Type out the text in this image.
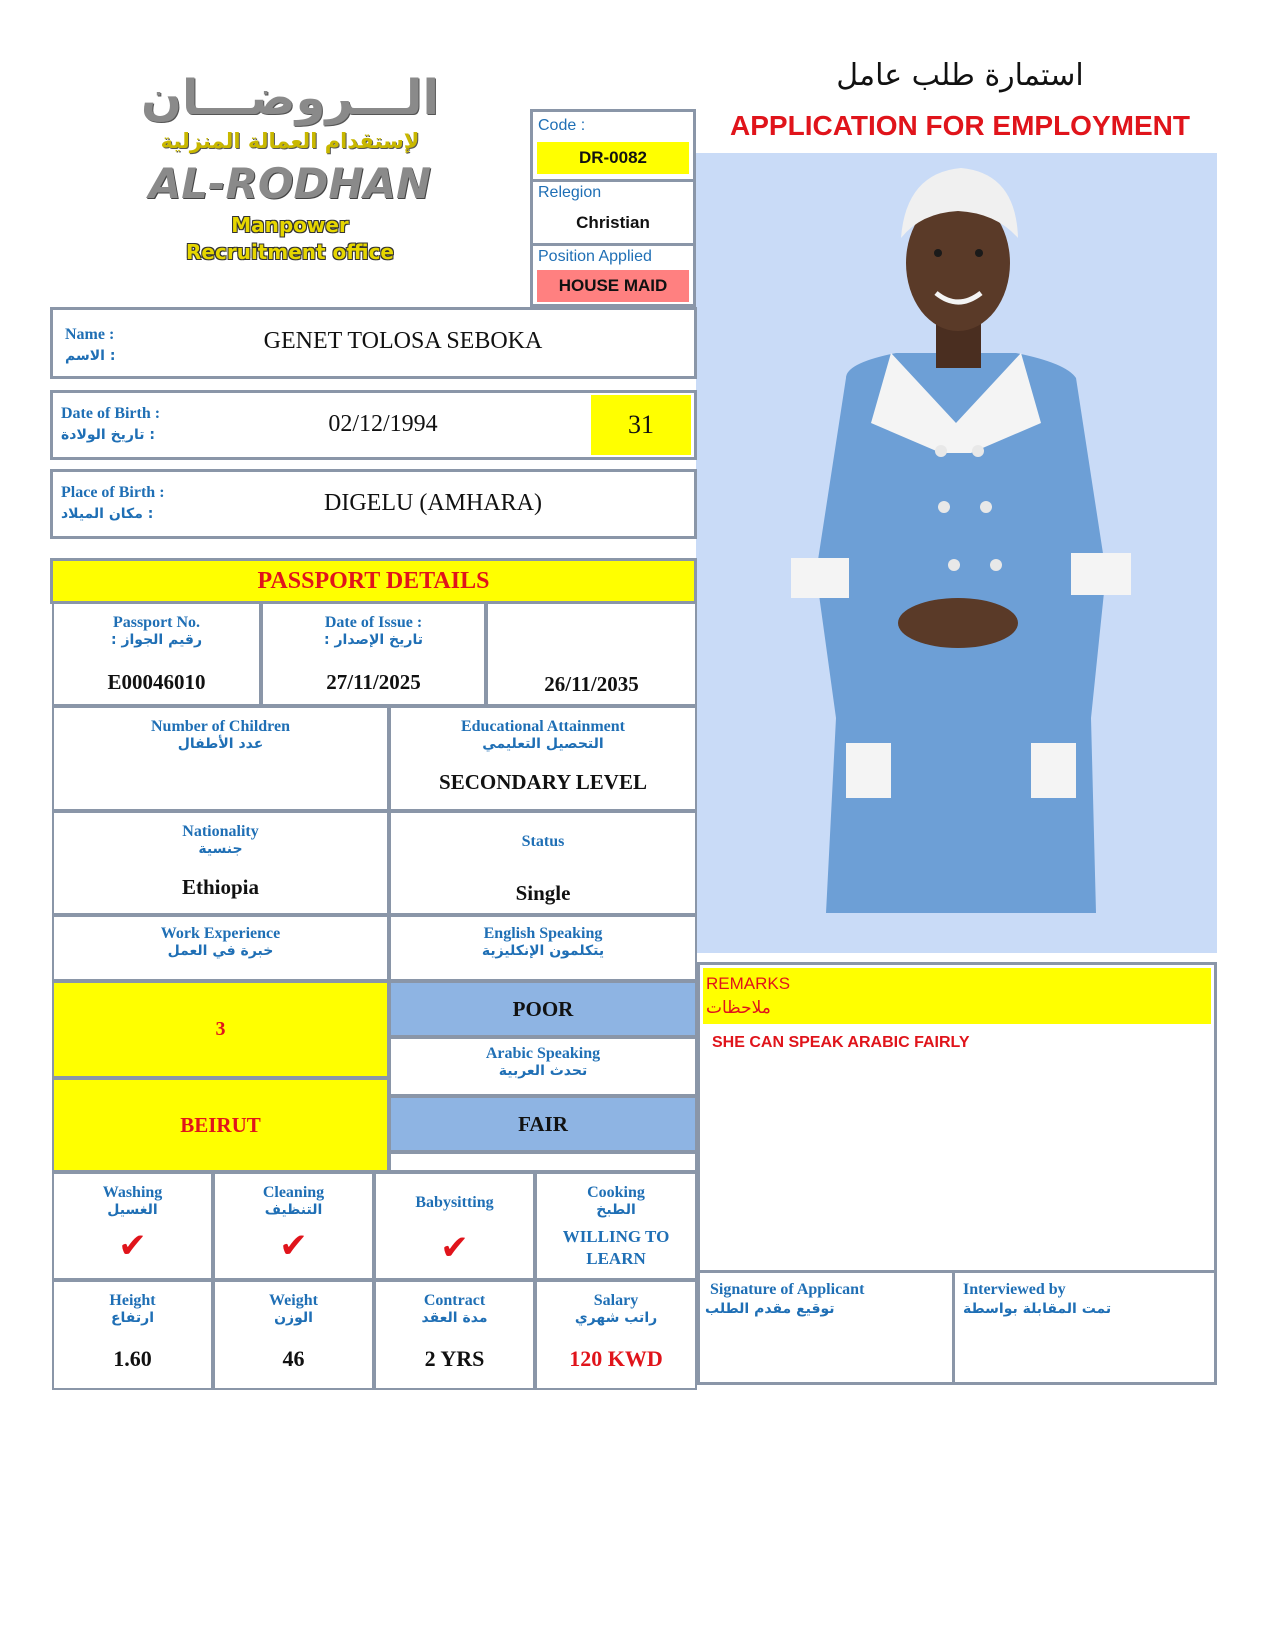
الـــروضـــان
لإستقدام العمالة المنزلية
AL-RODHAN
Manpower
Recruitment office
Code :
DR-0082
Relegion
Christian
Position Applied
HOUSE MAID
استمارة طلب عامل
APPLICATION FOR EMPLOYMENT
Name :
الاسم :
GENET TOLOSA SEBOKA
Date of Birth :
تاريخ الولادة :	02/12/1994	31
Place of Birth :
مكان الميلاد :	DIGELU (AMHARA)
PASSPORT DETAILS
Passport No.
رقيم الجواز :
E00046010
Date of Issue :
تاريخ الإصدار :
27/11/2025	26/11/2035
Number of Children
عدد الأطفال
Educational Attainment
التحصيل التعليمي
SECONDARY LEVEL
Nationality
جنسية
Ethiopia
Status
Single
Work Experience
خبرة في العمل
3
BEIRUT
English Speaking
يتكلمون الإنكليزية
POOR
Arabic Speaking
تحدث العربية
FAIR
Washing
الغسيل
✔
Cleaning
التنظيف
✔
Babysitting
✔
Cooking
الطبخ
WILLING TO LEARN
Height
ارتفاع
1.60
Weight
الوزن
46
Contract
مدة العقد
2 YRS
Salary
راتب شهري
120 KWD
REMARKS
ملاحظات
SHE CAN SPEAK ARABIC FAIRLY
Signature of Applicant
توقيع مقدم الطلب
Interviewed by
تمت المقابلة بواسطة
